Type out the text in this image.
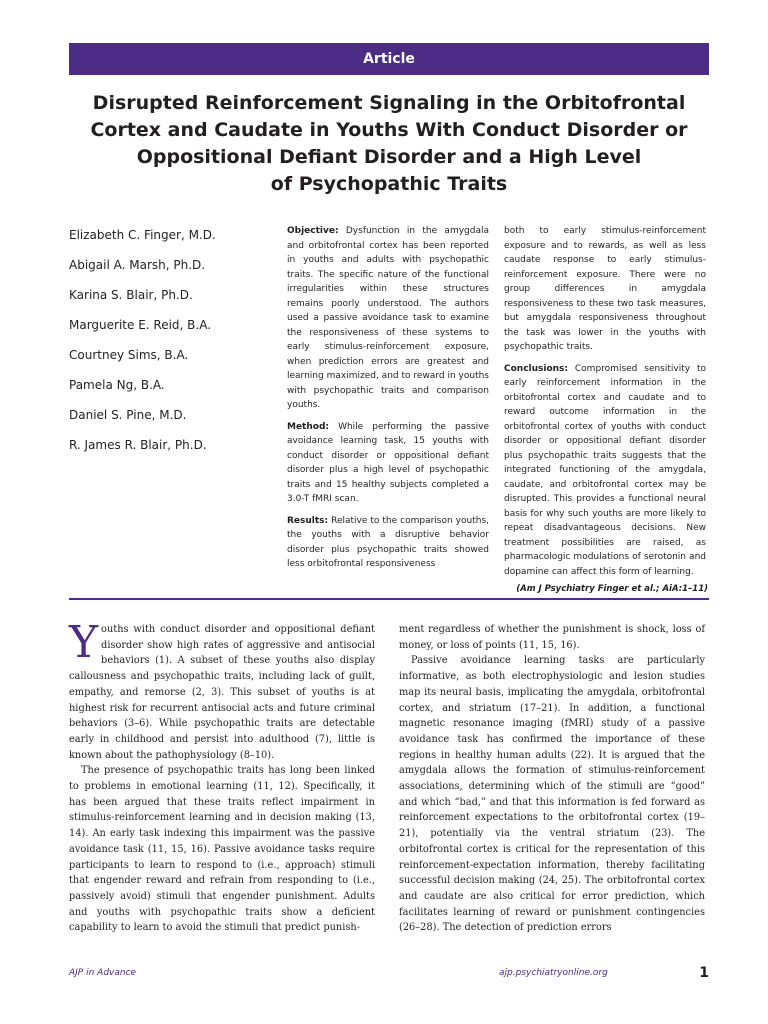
Article
Disrupted Reinforcement Signaling in the Orbitofrontal
Cortex and Caudate in Youths With Conduct Disorder or
Oppositional Defiant Disorder and a High Level
of Psychopathic Traits
Elizabeth C. Finger, M.D.
Abigail A. Marsh, Ph.D.
Karina S. Blair, Ph.D.
Marguerite E. Reid, B.A.
Courtney Sims, B.A.
Pamela Ng, B.A.
Daniel S. Pine, M.D.
R. James R. Blair, Ph.D.

Objective: Dysfunction in the amygdala and orbitofrontal cortex has been reported in youths and adults with psychopathic traits. The specific nature of the functional irregularities within these structures remains poorly understood. The authors used a passive avoidance task to examine the responsiveness of these systems to early stimulus-reinforcement exposure, when prediction errors are greatest and learning maximized, and to reward in youths with psychopathic traits and comparison youths.

Method: While performing the passive avoidance learning task, 15 youths with conduct disorder or oppositional defiant disorder plus a high level of psychopathic traits and 15 healthy subjects completed a 3.0-T fMRI scan.

Results: Relative to the comparison youths, the youths with a disruptive behavior disorder plus psychopathic traits showed less orbitofrontal responsiveness

both to early stimulus-reinforcement exposure and to rewards, as well as less caudate response to early stimulus-reinforcement exposure. There were no group differences in amygdala responsiveness to these two task measures, but amygdala responsiveness throughout the task was lower in the youths with psychopathic traits.

Conclusions: Compromised sensitivity to early reinforcement information in the orbitofrontal cortex and caudate and to reward outcome information in the orbitofrontal cortex of youths with conduct disorder or oppositional defiant disorder plus psychopathic traits suggests that the integrated functioning of the amygdala, caudate, and orbitofrontal cortex may be disrupted. This provides a functional neural basis for why such youths are more likely to repeat disadvantageous decisions. New treatment possibilities are raised, as pharmacologic modulations of serotonin and dopamine can affect this form of learning.

(Am J Psychiatry Finger et al.; AiA:1–11)

Youths with conduct disorder and oppositional defiant disorder show high rates of aggressive and antisocial behaviors (1). A subset of these youths also display callousness and psychopathic traits, including lack of guilt, empathy, and remorse (2, 3). This subset of youths is at highest risk for recurrent antisocial acts and future criminal behaviors (3–6). While psychopathic traits are detectable early in childhood and persist into adulthood (7), little is known about the pathophysiology (8–10).

The presence of psychopathic traits has long been linked to problems in emotional learning (11, 12). Specifically, it has been argued that these traits reflect impairment in stimulus-reinforcement learning and in decision making (13, 14). An early task indexing this impairment was the passive avoidance task (11, 15, 16). Passive avoidance tasks require participants to learn to respond to (i.e., approach) stimuli that engender reward and refrain from responding to (i.e., passively avoid) stimuli that engender punishment. Adults and youths with psychopathic traits show a deficient capability to learn to avoid the stimuli that predict punish-

ment regardless of whether the punishment is shock, loss of money, or loss of points (11, 15, 16).

Passive avoidance learning tasks are particularly informative, as both electrophysiologic and lesion studies map its neural basis, implicating the amygdala, orbitofrontal cortex, and striatum (17–21). In addition, a functional magnetic resonance imaging (fMRI) study of a passive avoidance task has confirmed the importance of these regions in healthy human adults (22). It is argued that the amygdala allows the formation of stimulus-reinforcement associations, determining which of the stimuli are “good” and which “bad,” and that this information is fed forward as reinforcement expectations to the orbitofrontal cortex (19–21), potentially via the ventral striatum (23). The orbitofrontal cortex is critical for the representation of this reinforcement-expectation information, thereby facilitating successful decision making (24, 25). The orbitofrontal cortex and caudate are also critical for error prediction, which facilitates learning of reward or punishment contingencies (26–28). The detection of prediction errors

AJP in Advance	ajp.psychiatryonline.org	1
